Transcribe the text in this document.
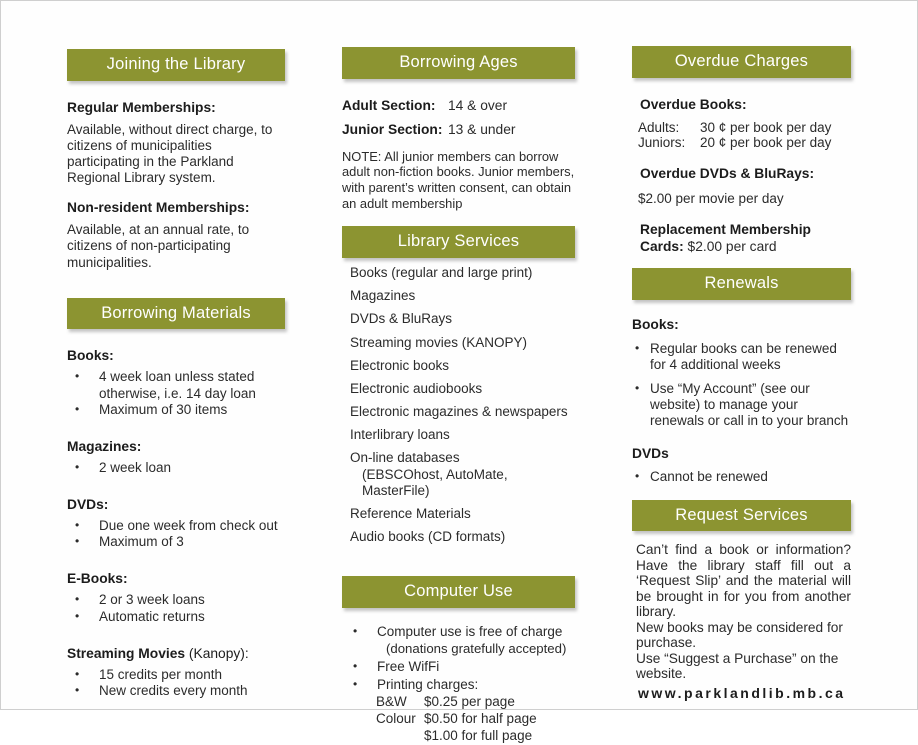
Joining the Library

Regular Memberships:

Available, without direct charge, to citizens of municipalities participating in the Parkland Regional Library system.

Non-resident Memberships:

Available, at an annual rate, to citizens of non-participating municipalities.

Borrowing Materials

Books:

•	4 week loan unless stated otherwise, i.e. 14 day loan
•	Maximum of 30 items

Magazines:

•	2 week loan

DVDs:

•	Due one week from check out
•	Maximum of 3

E-Books:

•	2 or 3 week loans
•	Automatic returns

Streaming Movies (Kanopy):

•	15 credits per month
•	New credits every month
Borrowing Ages
Adult Section: 14 & over
Junior Section: 13 & under

NOTE: All junior members can borrow adult non-fiction books. Junior members, with parent’s written consent, can obtain an adult membership

Library Services
Books (regular and large print)
Magazines
DVDs & BluRays
Streaming movies (KANOPY)
Electronic books
Electronic audiobooks
Electronic magazines & newspapers
Interlibrary loans
On-line databases
(EBSCOhost, AutoMate, MasterFile)
Reference Materials
Audio books (CD formats)
Computer Use
•	Computer use is free of charge
(donations gratefully accepted)
•	Free WifFi
•	Printing charges:
B&W	$0.25 per page
Colour $0.50 for half page
$1.00 for full page
Overdue Charges

Overdue Books:

Adults:	30 ¢ per book per day
Juniors:	20 ¢ per book per day

Overdue DVDs & BluRays:

$2.00 per movie per day

Replacement Membership
Cards: $2.00 per card

Renewals

Books:

• Regular books can be renewed for 4 additional weeks
• Use “My Account” (see our website) to manage your renewals or call in to your branch

DVDs

• Cannot be renewed
Request Services

Can’t find a book or information? Have the library staff fill out a ‘Request Slip’ and the material will be brought in for you from another library.

New books may be considered for purchase.

Use “Suggest a Purchase” on the website.

www.parklandlib.mb.ca
